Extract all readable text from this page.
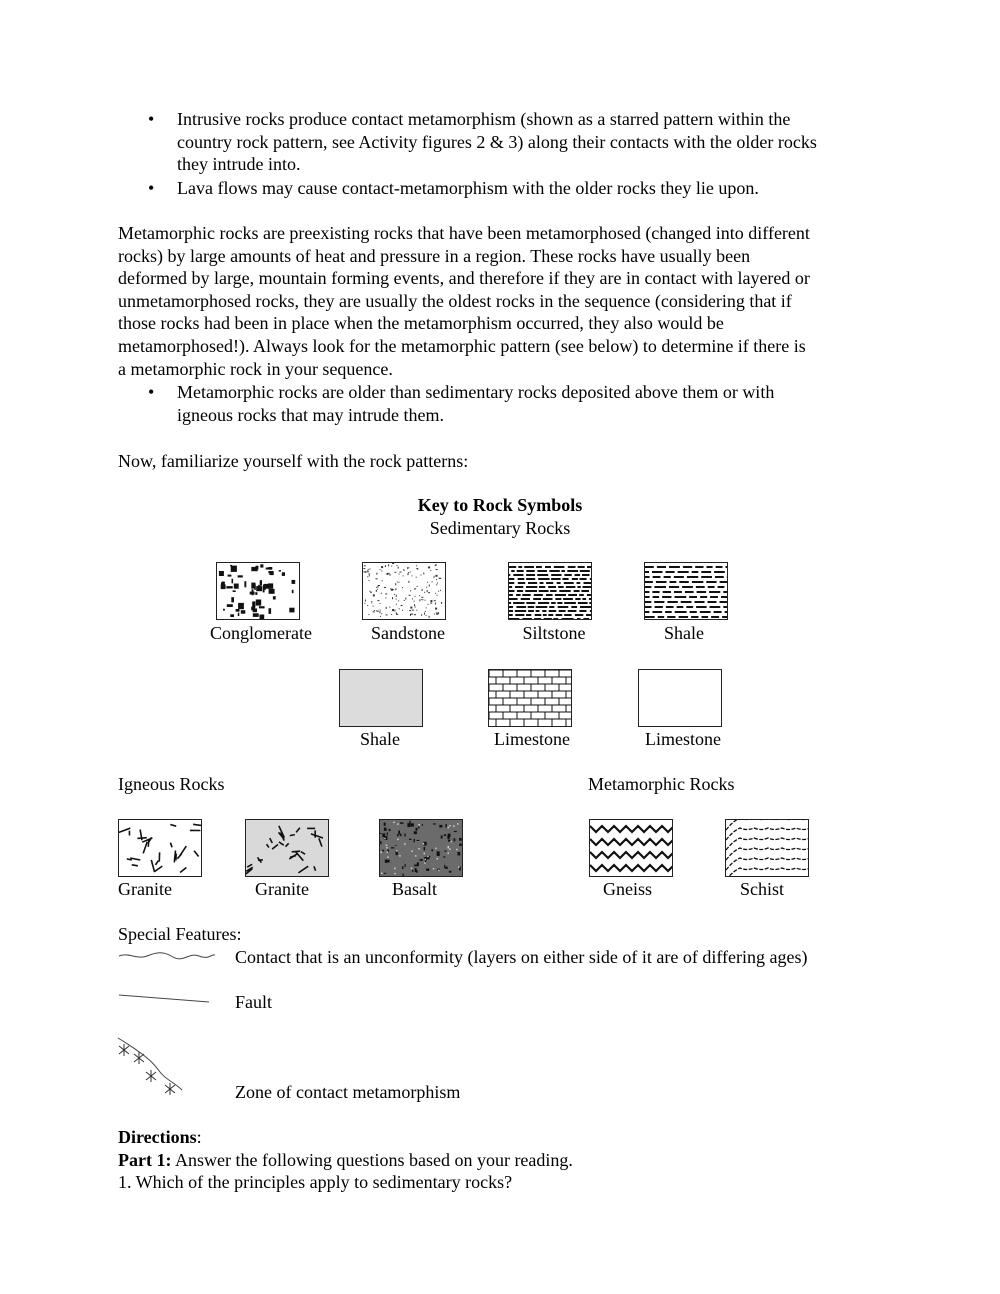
• Intrusive rocks produce contact metamorphism (shown as a starred pattern within the
country rock pattern, see Activity figures 2 & 3) along their contacts with the older rocks
they intrude into.
• Lava flows may cause contact-metamorphism with the older rocks they lie upon.
Metamorphic rocks are preexisting rocks that have been metamorphosed (changed into different
rocks) by large amounts of heat and pressure in a region. These rocks have usually been
deformed by large, mountain forming events, and therefore if they are in contact with layered or
unmetamorphosed rocks, they are usually the oldest rocks in the sequence (considering that if
those rocks had been in place when the metamorphism occurred, they also would be
metamorphosed!). Always look for the metamorphic pattern (see below) to determine if there is
a metamorphic rock in your sequence.
• Metamorphic rocks are older than sedimentary rocks deposited above them or with
igneous rocks that may intrude them.
Now, familiarize yourself with the rock patterns:
Key to Rock Symbols
Sedimentary Rocks
Conglomerate	Sandstone	Siltstone	Shale
Shale	Limestone	Limestone
Igneous Rocks	Metamorphic Rocks
Granite	Granite	Basalt	Gneiss	Schist
Special Features:
Contact that is an unconformity (layers on either side of it are of differing ages)
Fault
Zone of contact metamorphism
Directions:
Part 1: Answer the following questions based on your reading.
1. Which of the principles apply to sedimentary rocks?
